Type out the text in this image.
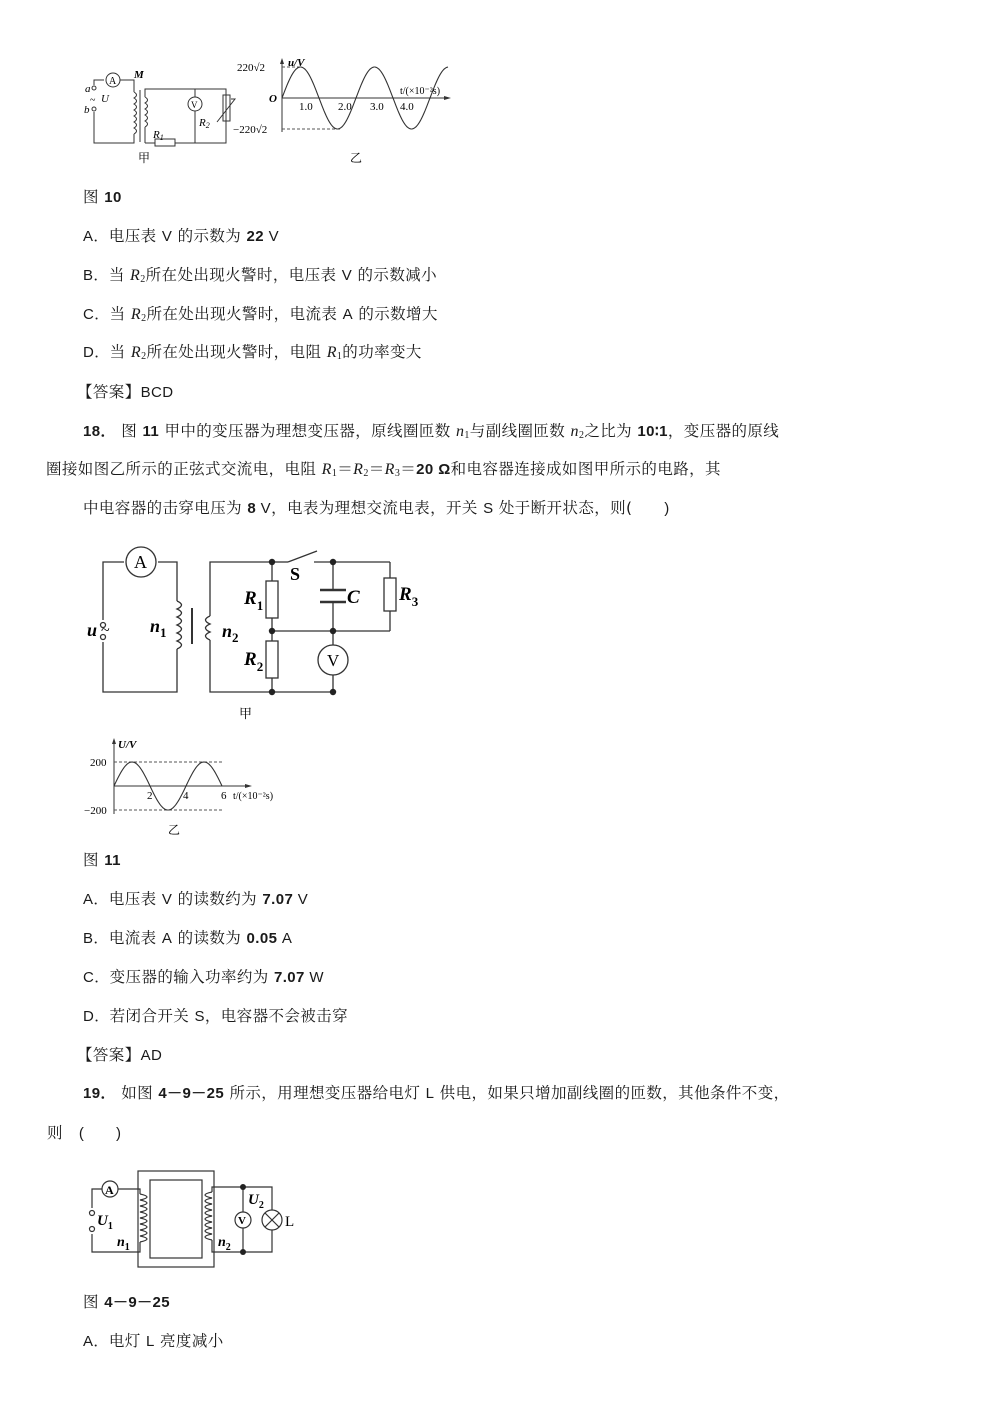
a
b
~ U
A
V
M
R1
R2
甲
u/V
t/(×10⁻²s)
O
220√2
−220√2
1.0 2.0 3.0 4.0
乙
图 10
A．电压表 V 的示数为 22 V
B．当 $R_2$所在处出现火警时，电压表 V 的示数减小
C．当 $R_2$所在处出现火警时，电流表 A 的示数增大
D．当 $R_2$所在处出现火警时，电阻 $R_1$的功率变大
【答案】BCD
18． 图 11 甲中的变压器为理想变压器，原线圈匝数 $n_1$与副线圈匝数 $n_2$之比为 10∶1，变压器的原线
圈接如图乙所示的正弦式交流电，电阻 $R_1=R_2=R_3=20$ Ω和电容器连接成如图甲所示的电路，其
中电容器的击穿电压为 8 V，电表为理想交流电表，开关 S 处于断开状态，则(　　 )
A
V
u ~ $n_1$	$n_2$
$R_1$
$R_2$
$R_3$
S
C
甲
U/V
t/(×10⁻²s)
200
−200
2	4	6
乙
图 11
A．电压表 V 的读数约为 7.07 V
B．电流表 A 的读数为 0.05 A
C．变压器的输入功率约为 7.07 W
D．若闭合开关 S，电容器不会被击穿
【答案】AD
19． 如图 4－9－25 所示，用理想变压器给电灯 L 供电，如果只增加副线圈的匝数，其他条件不变，
则　(　　 )
A
V
$U_1$
$U_2$
$n_1$	$n_2$
L
图 4－9－25
A．电灯 L 亮度减小
